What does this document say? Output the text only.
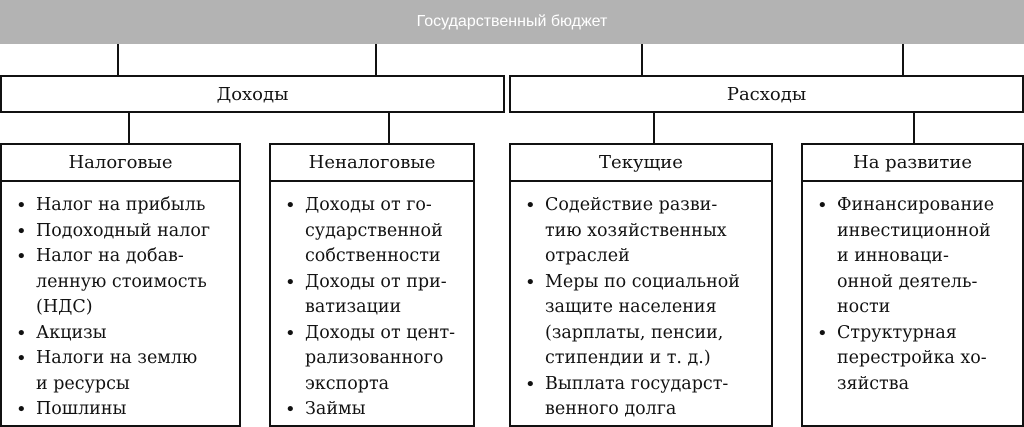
Государственный бюджет
Доходы	Расходы
Налоговые
• Налог на прибыль
• Подоходный налог
• Налог на добав-
ленную стоимость
(НДС)
• Акцизы
• Налоги на землю
и ресурсы
• Пошлины
Неналоговые
• Доходы от го-
сударственной
собственности
• Доходы от при-
ватизации
• Доходы от цент-
рализованного
экспорта
• Займы
Текущие
• Содействие разви-
тию хозяйственных
отраслей
• Меры по социальной
защите населения
(зарплаты, пенсии,
стипендии и т. д.)
• Выплата государст-
венного долга
На развитие
• Финансирование
инвестиционной
и инноваци-
онной деятель-
ности
• Структурная
перестройка хо-
зяйства
